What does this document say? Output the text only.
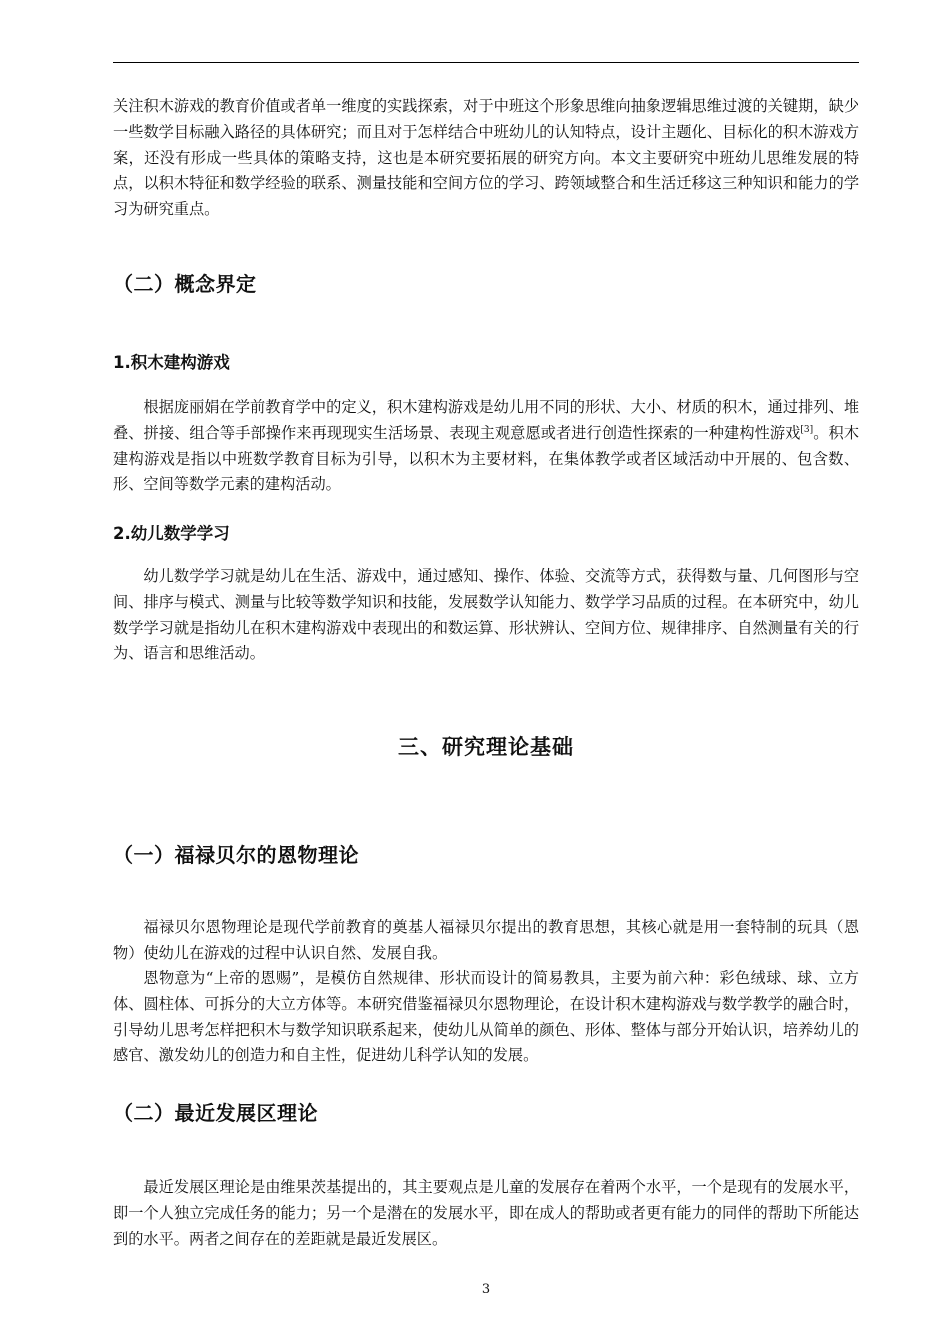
关注积木游戏的教育价值或者单一维度的实践探索，对于中班这个形象思维向抽象逻辑思维过渡的关键期，缺少一些数学目标融入路径的具体研究；而且对于怎样结合中班幼儿的认知特点，设计主题化、目标化的积木游戏方案，还没有形成一些具体的策略支持，这也是本研究要拓展的研究方向。本文主要研究中班幼儿思维发展的特点，以积木特征和数学经验的联系、测量技能和空间方位的学习、跨领域整合和生活迁移这三种知识和能力的学习为研究重点。

（二）概念界定
1.积木建构游戏

根据庞丽娟在学前教育学中的定义，积木建构游戏是幼儿用不同的形状、大小、材质的积木，通过排列、堆叠、拼接、组合等手部操作来再现现实生活场景、表现主观意愿或者进行创造性探索的一种建构性游戏[3]。积木建构游戏是指以中班数学教育目标为引导，以积木为主要材料，在集体教学或者区域活动中开展的、包含数、形、空间等数学元素的建构活动。

2.幼儿数学学习

幼儿数学学习就是幼儿在生活、游戏中，通过感知、操作、体验、交流等方式，获得数与量、几何图形与空间、排序与模式、测量与比较等数学知识和技能，发展数学认知能力、数学学习品质的过程。在本研究中，幼儿数学学习就是指幼儿在积木建构游戏中表现出的和数运算、形状辨认、空间方位、规律排序、自然测量有关的行为、语言和思维活动。

三、研究理论基础
（一）福禄贝尔的恩物理论

福禄贝尔恩物理论是现代学前教育的奠基人福禄贝尔提出的教育思想，其核心就是用一套特制的玩具（恩物）使幼儿在游戏的过程中认识自然、发展自我。

恩物意为“上帝的恩赐”，是模仿自然规律、形状而设计的简易教具，主要为前六种：彩色绒球、球、立方体、圆柱体、可拆分的大立方体等。本研究借鉴福禄贝尔恩物理论，在设计积木建构游戏与数学教学的融合时，引导幼儿思考怎样把积木与数学知识联系起来，使幼儿从简单的颜色、形体、整体与部分开始认识，培养幼儿的感官、激发幼儿的创造力和自主性，促进幼儿科学认知的发展。

（二）最近发展区理论

最近发展区理论是由维果茨基提出的，其主要观点是儿童的发展存在着两个水平，一个是现有的发展水平，即一个人独立完成任务的能力；另一个是潜在的发展水平，即在成人的帮助或者更有能力的同伴的帮助下所能达到的水平。两者之间存在的差距就是最近发展区。

3
